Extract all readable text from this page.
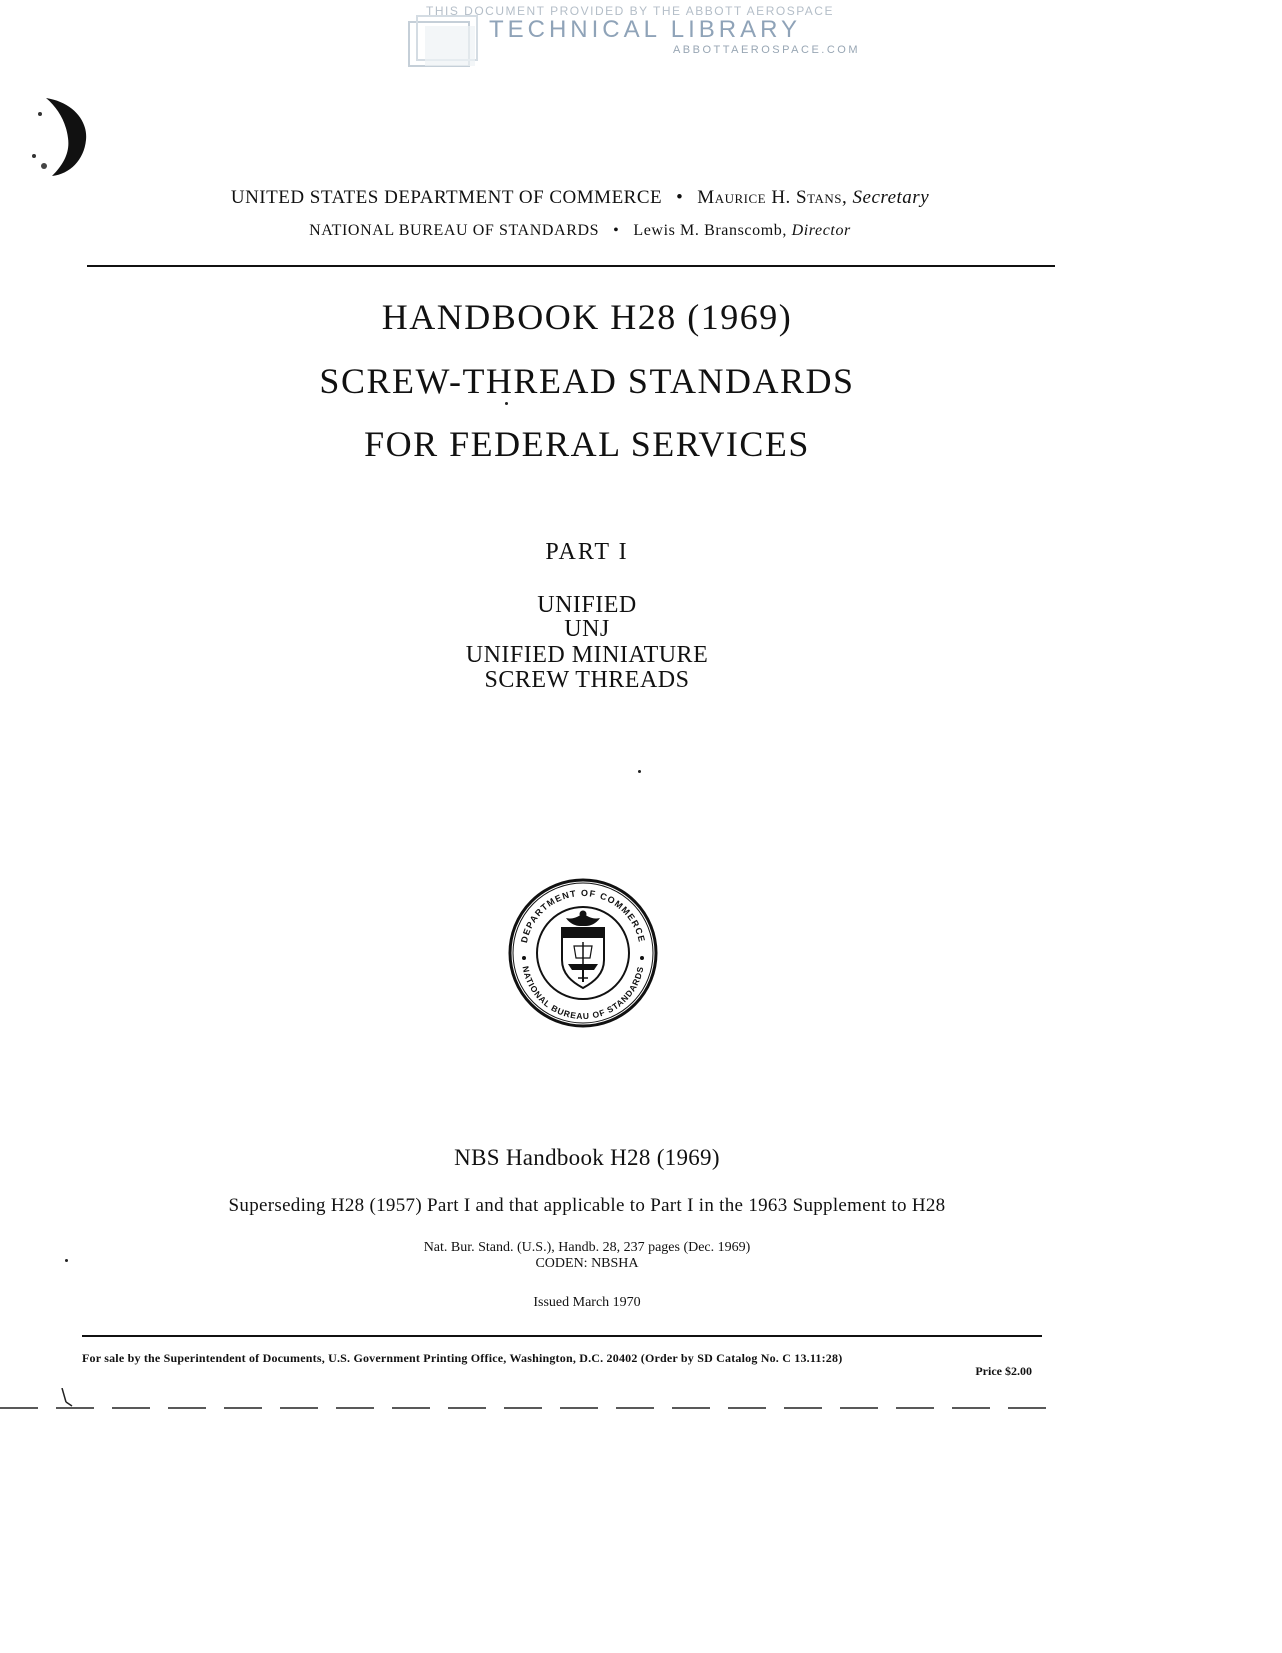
THIS DOCUMENT PROVIDED BY THE ABBOTT AEROSPACE
TECHNICAL LIBRARY
ABBOTTAEROSPACE.COM
UNITED STATES DEPARTMENT OF COMMERCE • Maurice H. Stans, Secretary
NATIONAL BUREAU OF STANDARDS • Lewis M. Branscomb, Director
HANDBOOK H28 (1969)
SCREW-THREAD STANDARDS
FOR FEDERAL SERVICES
PART I
UNIFIED
UNJ
UNIFIED MINIATURE
SCREW THREADS
DEPARTMENT OF COMMERCE
NATIONAL BUREAU OF STANDARDS
NBS Handbook H28 (1969)
Superseding H28 (1957) Part I and that applicable to Part I in the 1963 Supplement to H28
Nat. Bur. Stand. (U.S.), Handb. 28, 237 pages (Dec. 1969)
CODEN: NBSHA
Issued March 1970
For sale by the Superintendent of Documents, U.S. Government Printing Office, Washington, D.C. 20402 (Order by SD Catalog No. C 13.11:28)
Price $2.00
